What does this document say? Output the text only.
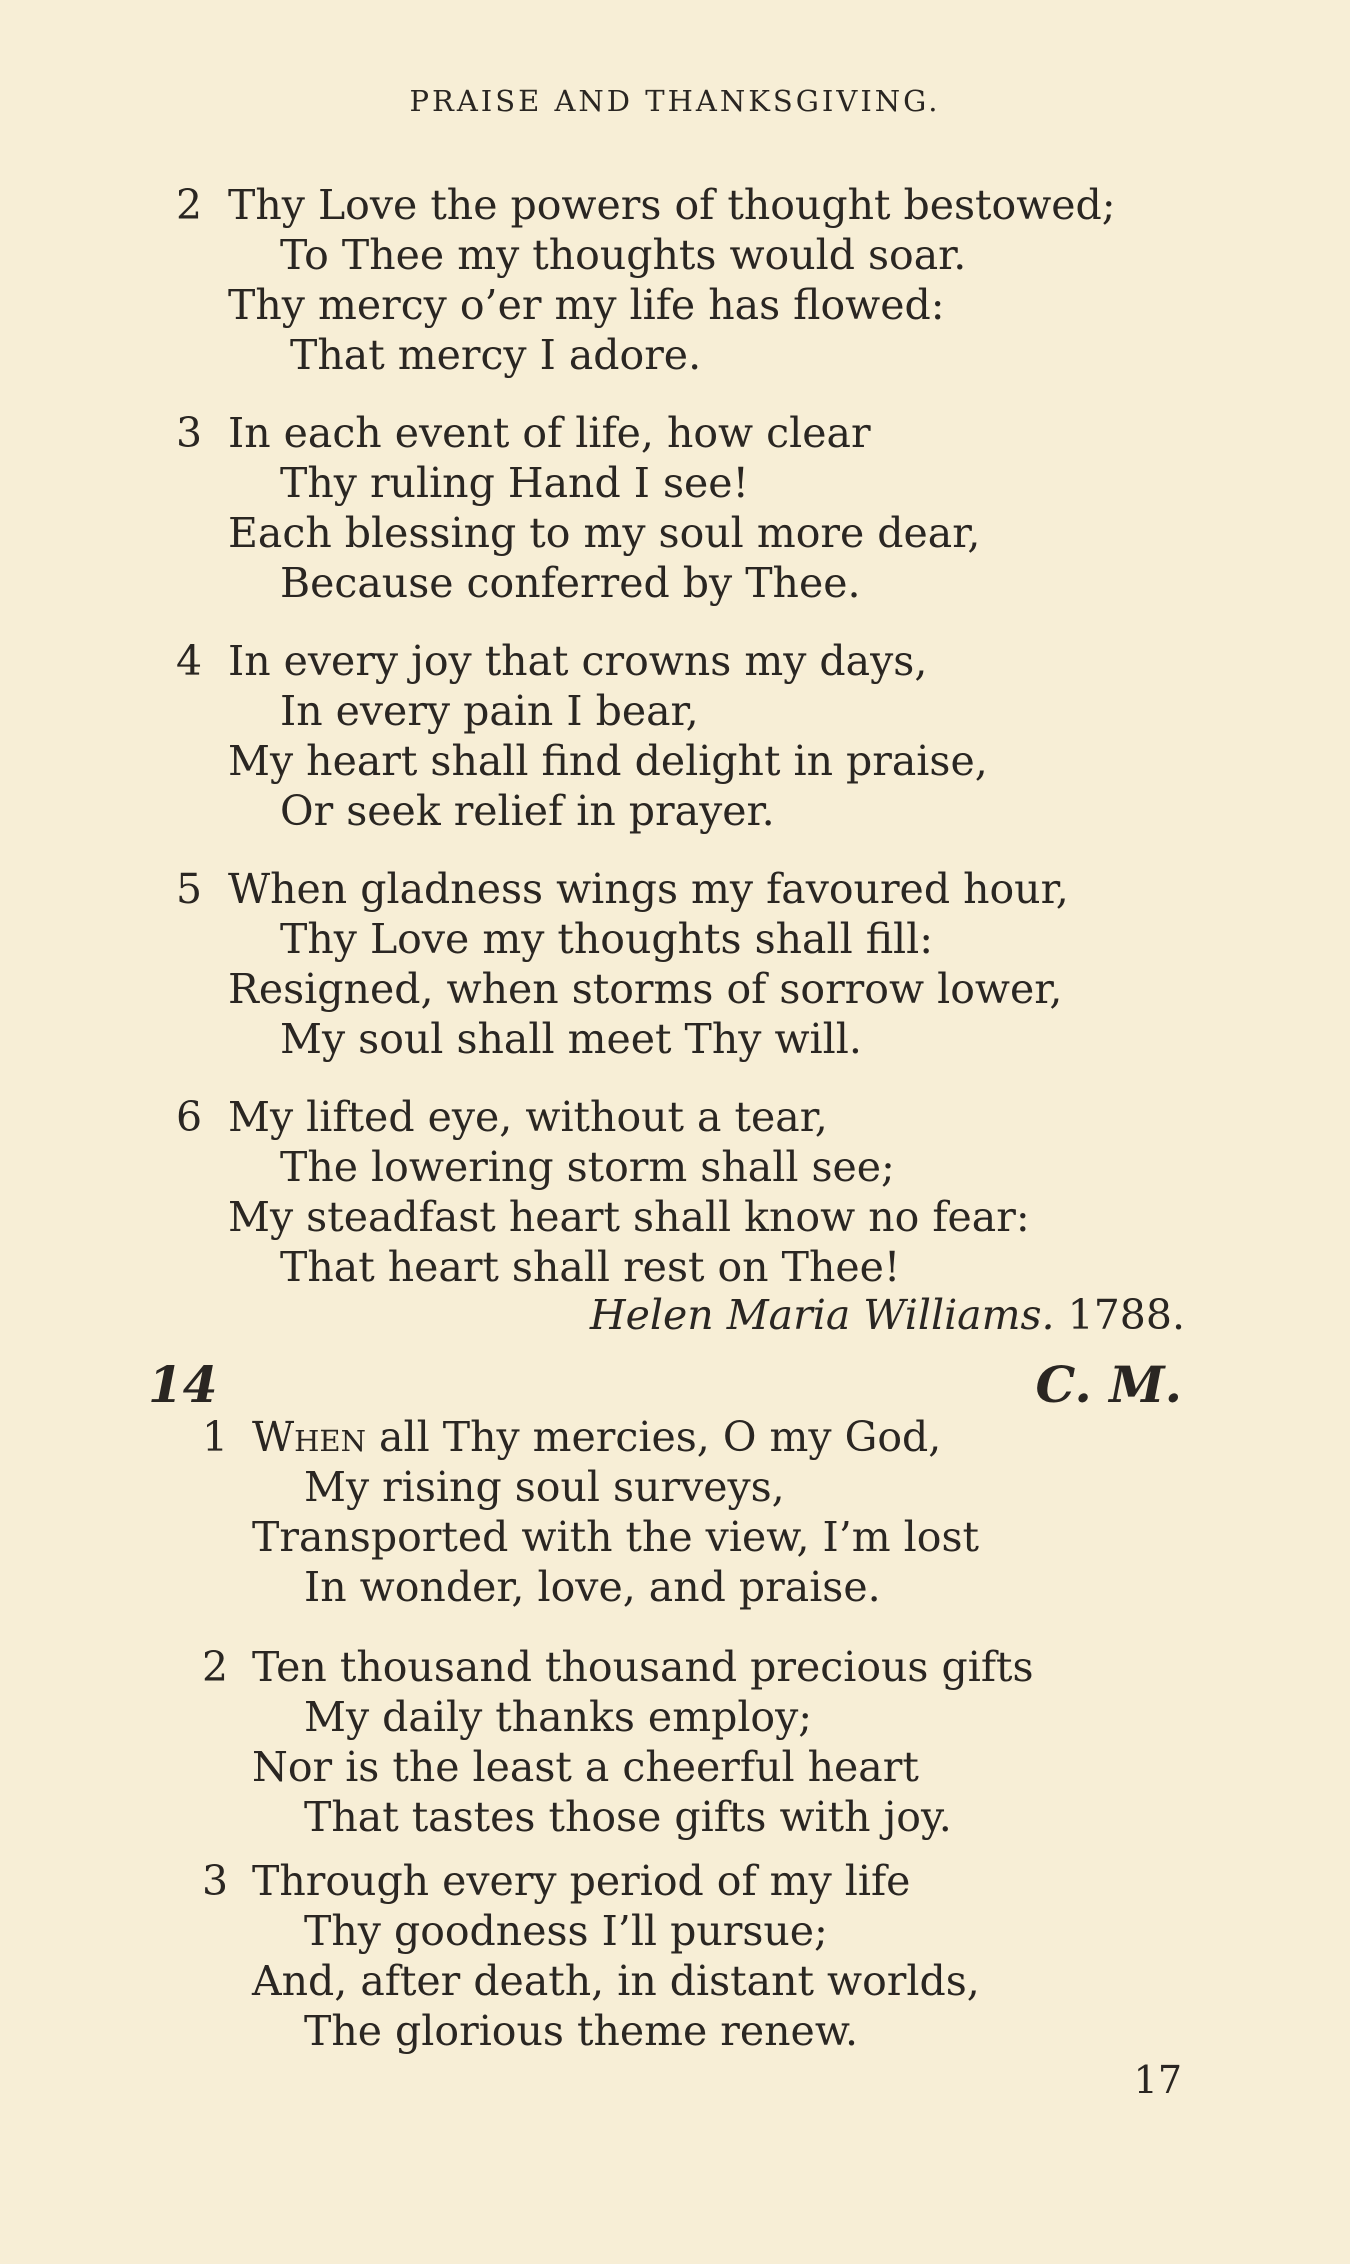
PRAISE AND THANKSGIVING.
2 Thy Love the powers of thought bestowed;
To Thee my thoughts would soar.
Thy mercy o’er my life has flowed:
That mercy I adore.
3 In each event of life, how clear
Thy ruling Hand I see!
Each blessing to my soul more dear,
Because conferred by Thee.
4 In every joy that crowns my days,
In every pain I bear,
My heart shall find delight in praise,
Or seek relief in prayer.
5 When gladness wings my favoured hour,
Thy Love my thoughts shall fill:
Resigned, when storms of sorrow lower,
My soul shall meet Thy will.
6 My lifted eye, without a tear,
The lowering storm shall see;
My steadfast heart shall know no fear:
That heart shall rest on Thee!
Helen Maria Williams. 1788.
14	C. M.
1 When all Thy mercies, O my God,
My rising soul surveys,
Transported with the view, I’m lost
In wonder, love, and praise.
2 Ten thousand thousand precious gifts
My daily thanks employ;
Nor is the least a cheerful heart
That tastes those gifts with joy.
3 Through every period of my life
Thy goodness I’ll pursue;
And, after death, in distant worlds,
The glorious theme renew.
17
